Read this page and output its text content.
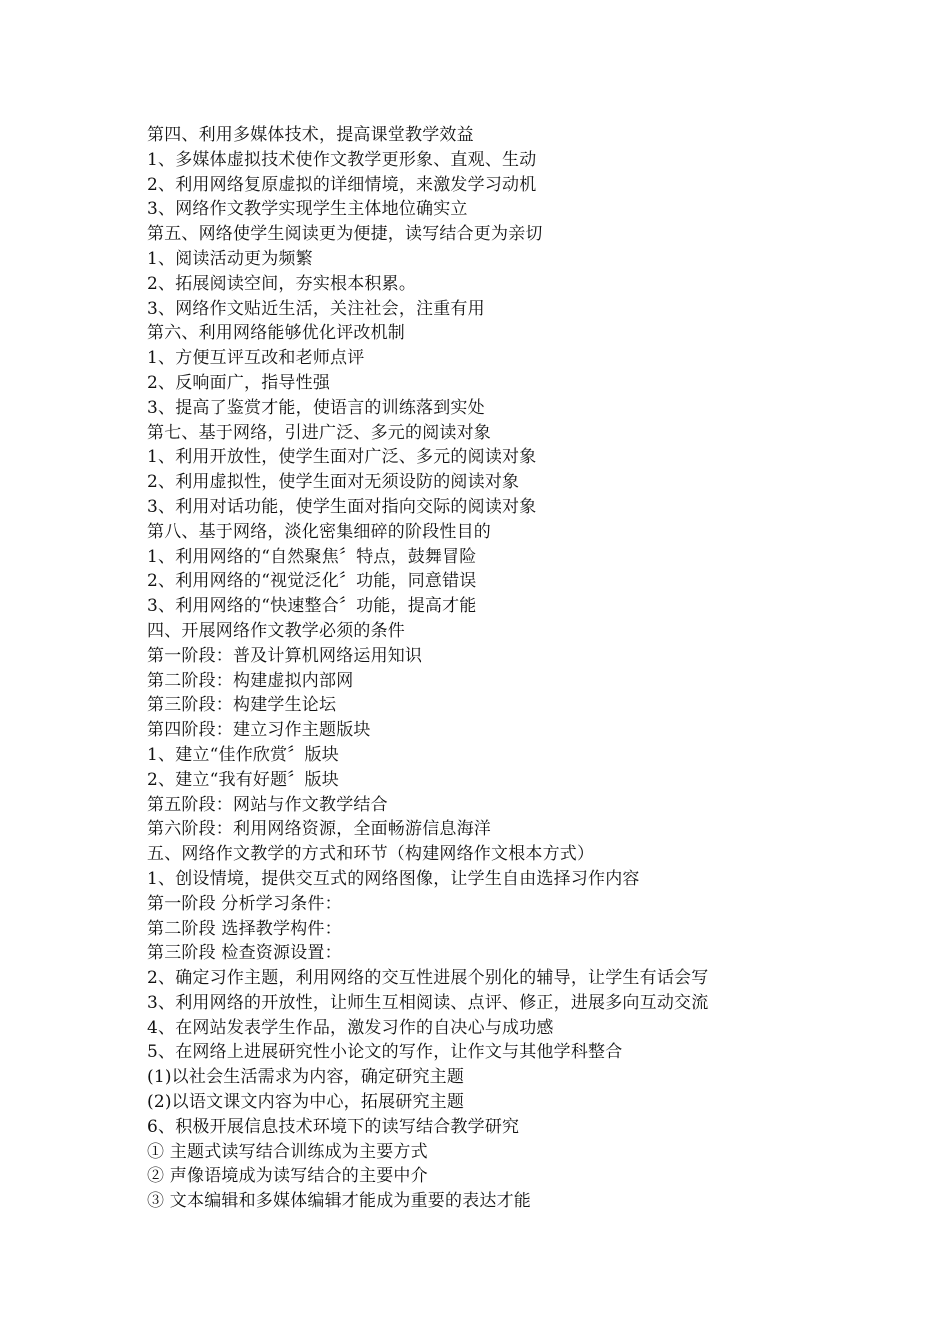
第四、利用多媒体技术，提高课堂教学效益
1、多媒体虚拟技术使作文教学更形象、直观、生动
2、利用网络复原虚拟的详细情境，来激发学习动机
3、网络作文教学实现学生主体地位确实立
第五、网络使学生阅读更为便捷，读写结合更为亲切
1、阅读活动更为频繁
2、拓展阅读空间，夯实根本积累。
3、网络作文贴近生活，关注社会，注重有用
第六、利用网络能够优化评改机制
1、方便互评互改和老师点评
2、反响面广，指导性强
3、提高了鉴赏才能，使语言的训练落到实处
第七、基于网络，引进广泛、多元的阅读对象
1、利用开放性，使学生面对广泛、多元的阅读对象
2、利用虚拟性，使学生面对无须设防的阅读对象
3、利用对话功能，使学生面对指向交际的阅读对象
第八、基于网络，淡化密集细碎的阶段性目的
1、利用网络的“自然聚焦〞特点，鼓舞冒险
2、利用网络的“视觉泛化〞功能，同意错误
3、利用网络的“快速整合〞功能，提高才能
四、开展网络作文教学必须的条件
第一阶段：普及计算机网络运用知识
第二阶段：构建虚拟内部网
第三阶段：构建学生论坛
第四阶段：建立习作主题版块
1、建立“佳作欣赏〞版块
2、建立“我有好题〞版块
第五阶段：网站与作文教学结合
第六阶段：利用网络资源，全面畅游信息海洋
五、网络作文教学的方式和环节（构建网络作文根本方式）
1、创设情境，提供交互式的网络图像，让学生自由选择习作内容
第一阶段 分析学习条件：
第二阶段 选择教学构件：
第三阶段 检查资源设置：
2、确定习作主题，利用网络的交互性进展个别化的辅导，让学生有话会写
3、利用网络的开放性，让师生互相阅读、点评、修正，进展多向互动交流
4、在网站发表学生作品，激发习作的自决心与成功感
5、在网络上进展研究性小论文的写作，让作文与其他学科整合
(1)以社会生活需求为内容，确定研究主题
(2)以语文课文内容为中心，拓展研究主题
6、积极开展信息技术环境下的读写结合教学研究
① 主题式读写结合训练成为主要方式
② 声像语境成为读写结合的主要中介
③ 文本编辑和多媒体编辑才能成为重要的表达才能
